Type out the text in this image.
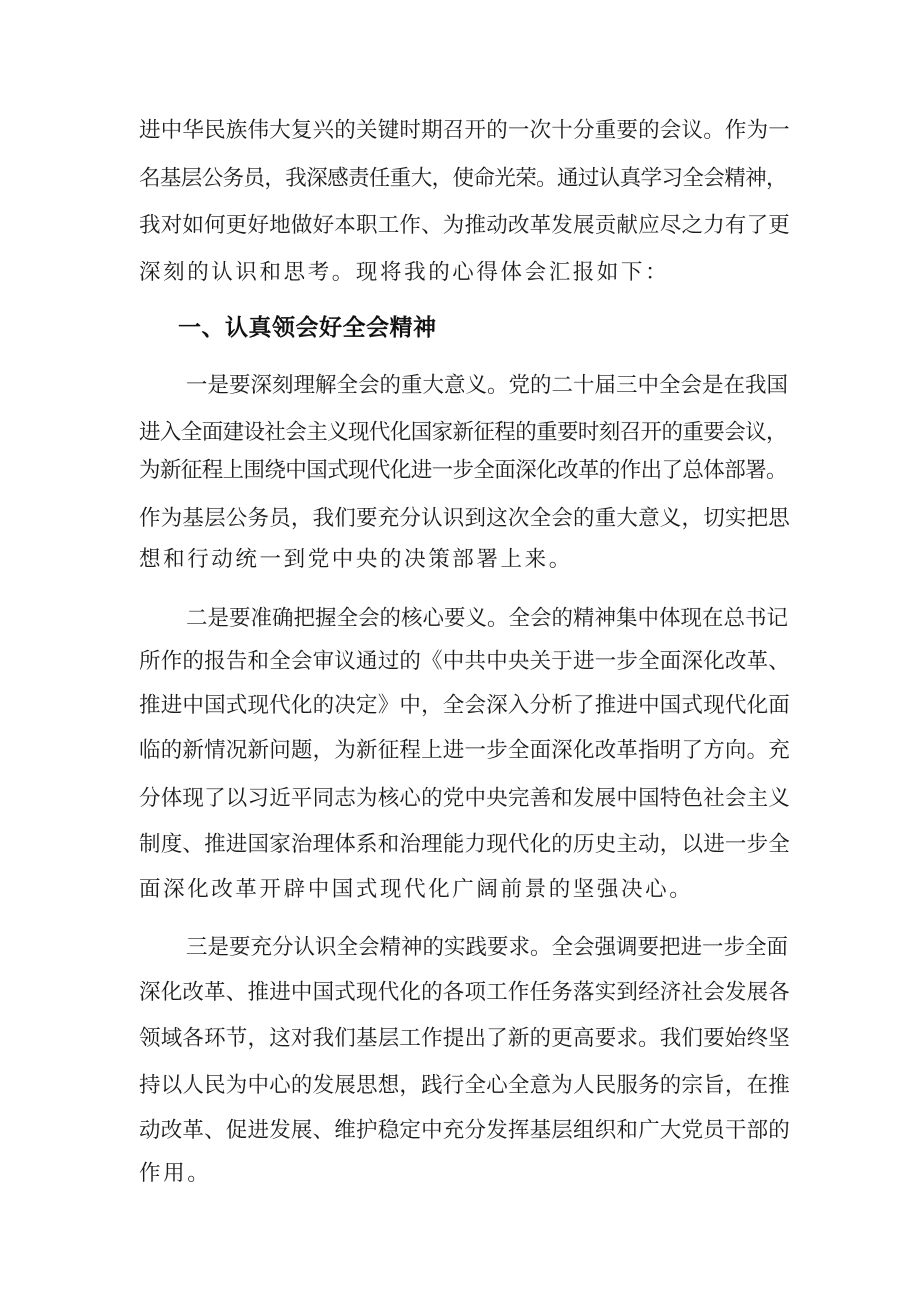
进中华民族伟大复兴的关键时期召开的一次十分重要的会议。作为一

名基层公务员，我深感责任重大，使命光荣。通过认真学习全会精神，

我对如何更好地做好本职工作、为推动改革发展贡献应尽之力有了更

深刻的认识和思考。现将我的心得体会汇报如下：

一、认真领会好全会精神

一是要深刻理解全会的重大意义。党的二十届三中全会是在我国

进入全面建设社会主义现代化国家新征程的重要时刻召开的重要会议，

为新征程上围绕中国式现代化进一步全面深化改革的作出了总体部署。

作为基层公务员，我们要充分认识到这次全会的重大意义，切实把思

想和行动统一到党中央的决策部署上来。

二是要准确把握全会的核心要义。全会的精神集中体现在总书记

所作的报告和全会审议通过的《中共中央关于进一步全面深化改革、

推进中国式现代化的决定》中，全会深入分析了推进中国式现代化面

临的新情况新问题，为新征程上进一步全面深化改革指明了方向。充

分体现了以习近平同志为核心的党中央完善和发展中国特色社会主义

制度、推进国家治理体系和治理能力现代化的历史主动，以进一步全

面深化改革开辟中国式现代化广阔前景的坚强决心。

三是要充分认识全会精神的实践要求。全会强调要把进一步全面

深化改革、推进中国式现代化的各项工作任务落实到经济社会发展各

领域各环节，这对我们基层工作提出了新的更高要求。我们要始终坚

持以人民为中心的发展思想，践行全心全意为人民服务的宗旨，在推

动改革、促进发展、维护稳定中充分发挥基层组织和广大党员干部的

作用。
